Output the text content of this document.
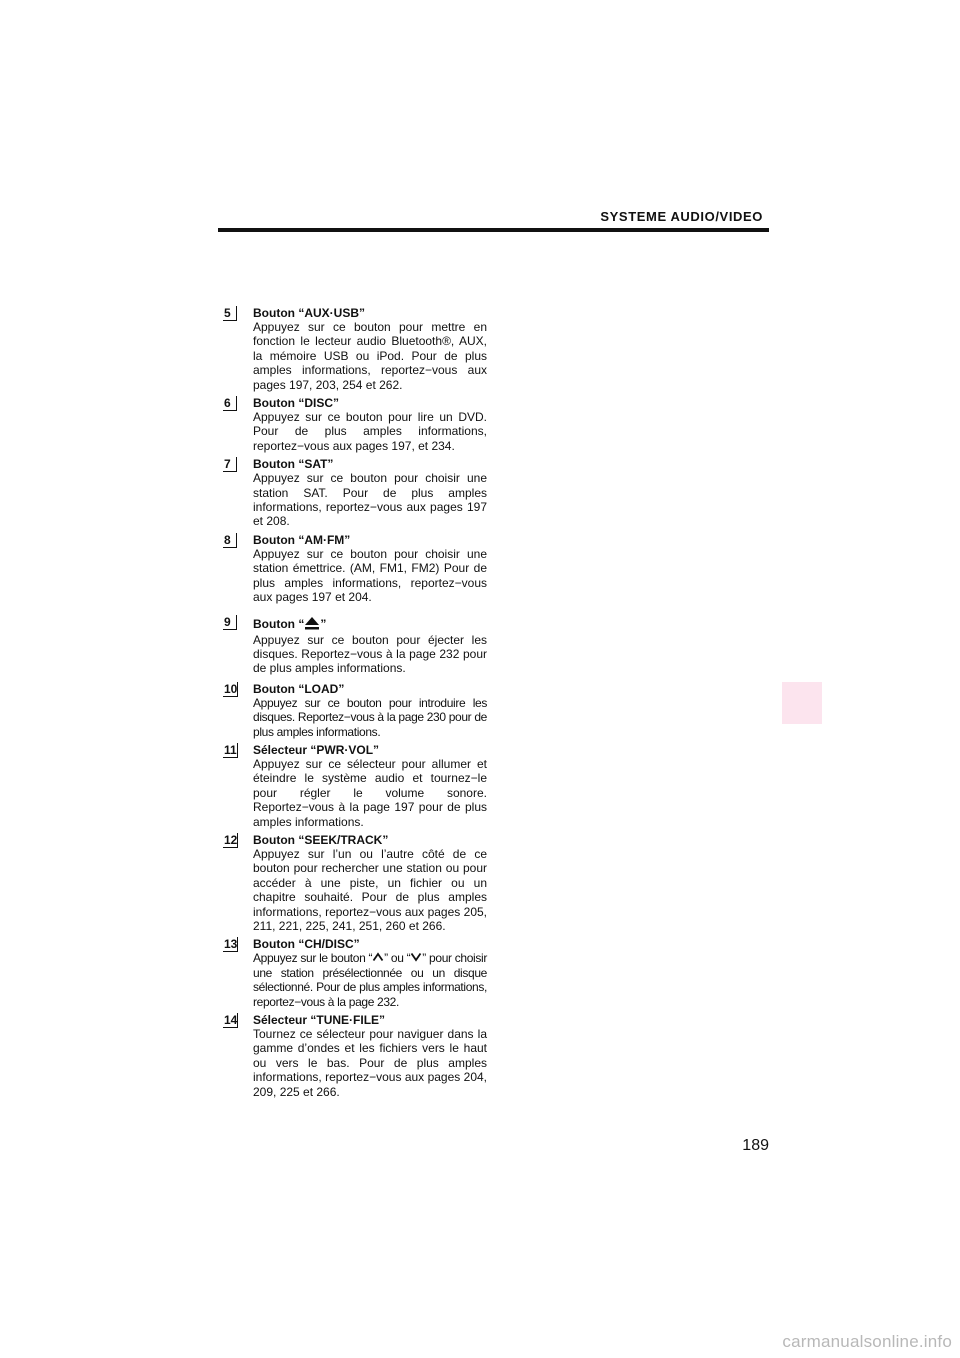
SYSTEME AUDIO/VIDEO
5	Bouton “AUX·USB”
Appuyez sur ce bouton pour mettre en fonction le lecteur audio Bluetooth®, AUX, la mémoire USB ou iPod. Pour de plus amples informations, reportez−vous aux pages 197, 203, 254 et 262.
6	Bouton “DISC”
Appuyez sur ce bouton pour lire un DVD. Pour de plus amples informations, reportez−vous aux pages 197, et 234.
7	Bouton “SAT”
Appuyez sur ce bouton pour choisir une station SAT. Pour de plus amples informations, reportez−vous aux pages 197 et 208.
8	Bouton “AM·FM”
Appuyez sur ce bouton pour choisir une station émettrice. (AM, FM1, FM2) Pour de plus amples informations, reportez−vous aux pages 197 et 204.
9	Bouton “ ”
Appuyez sur ce bouton pour éjecter les disques. Reportez−vous à la page 232 pour de plus amples informations.
10 Bouton “LOAD”
Appuyez sur ce bouton pour introduire les disques. Reportez−vous à la page 230 pour de plus amples informations.
11 Sélecteur “PWR·VOL”
Appuyez sur ce sélecteur pour allumer et éteindre le système audio et tournez−le pour régler le volume sonore. Reportez−vous à la page 197 pour de plus amples informations.
12 Bouton “SEEK/TRACK”
Appuyez sur l’un ou l’autre côté de ce bouton pour rechercher une station ou pour accéder à une piste, un fichier ou un chapitre souhaité. Pour de plus amples informations, reportez−vous aux pages 205, 211, 221, 225, 241, 251, 260 et 266.
13 Bouton “CH/DISC”
Appuyez sur le bouton “ ” ou “ ” pour choisir une station présélectionnée ou un disque sélectionné. Pour de plus amples informations, reportez−vous à la page 232.
14 Sélecteur “TUNE·FILE”
Tournez ce sélecteur pour naviguer dans la gamme d’ondes et les fichiers vers le haut ou vers le bas. Pour de plus amples informations, reportez−vous aux pages 204, 209, 225 et 266.
189
carmanualsonline.info
